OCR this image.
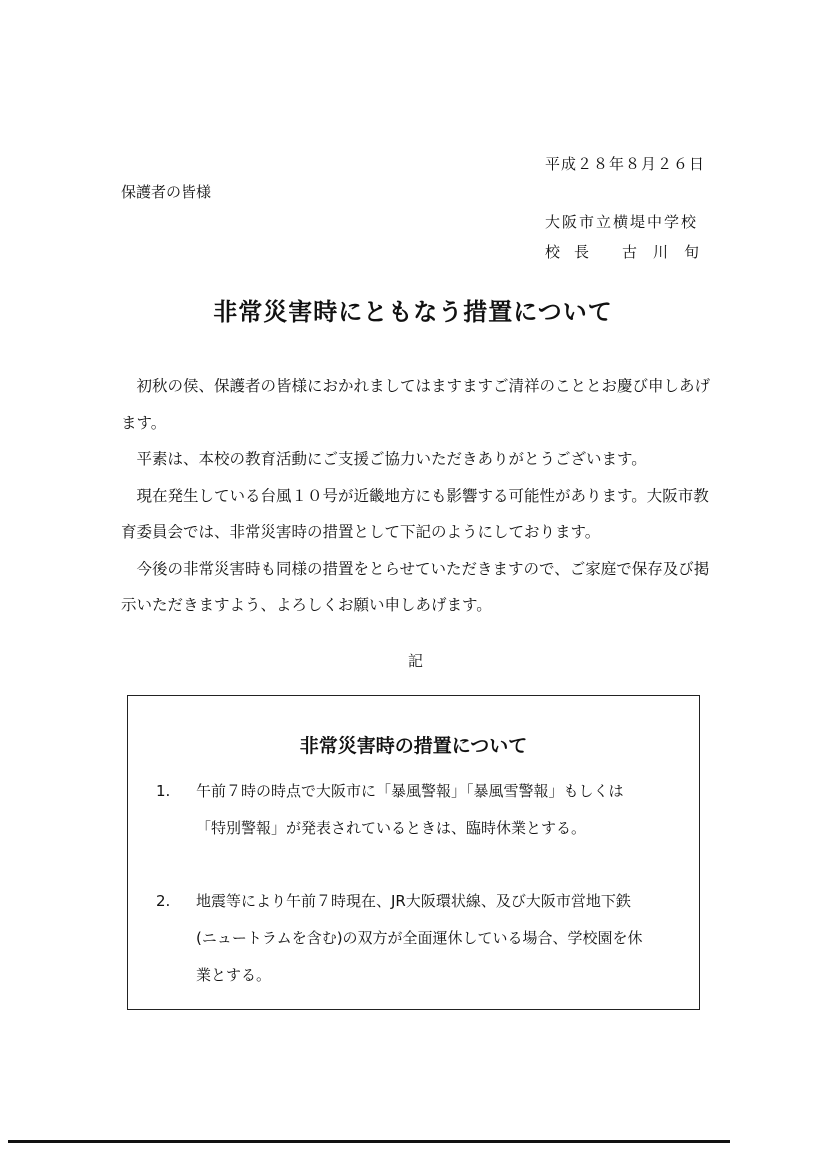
平成２８年８月２６日
保護者の皆様
大阪市立横堤中学校
校長 古川旬
非常災害時にともなう措置について

初秋の侯、保護者の皆様におかれましてはますますご清祥のこととお慶び申しあげます。

平素は、本校の教育活動にご支援ご協力いただきありがとうございます。

現在発生している台風１０号が近畿地方にも影響する可能性があります。大阪市教育委員会では、非常災害時の措置として下記のようにしております。

今後の非常災害時も同様の措置をとらせていただきますので、ご家庭で保存及び掲示いただきますよう、よろしくお願い申しあげます。

記
非常災害時の措置について
1. 午前７時の時点で大阪市に「暴風警報」「暴風雪警報」もしくは「特別警報」が発表されているときは、臨時休業とする。
2. 地震等により午前７時現在、JR大阪環状線、及び大阪市営地下鉄(ニュートラムを含む)の双方が全面運休している場合、学校園を休業とする。
